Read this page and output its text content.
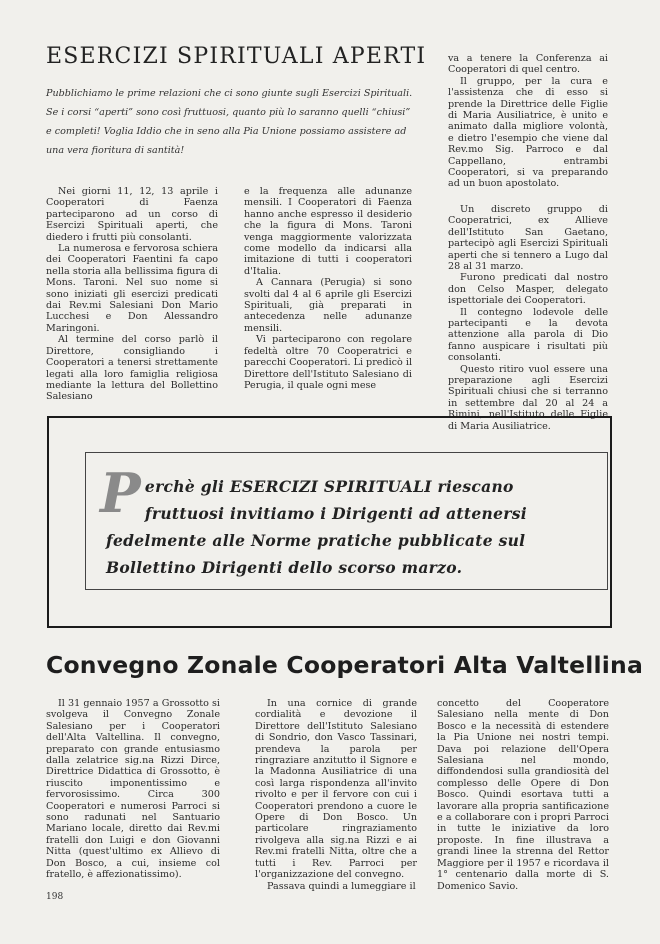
ESERCIZI SPIRITUALI APERTI
Pubblichiamo le prime relazioni che ci sono giunte sugli Esercizi Spirituali. Se i corsi “aperti” sono così fruttuosi, quanto più lo saranno quelli “chiusi” e completi! Voglia Iddio che in seno alla Pia Unione possiamo assistere ad una vera fioritura di santità!

Nei giorni 11, 12, 13 aprile i Cooperatori di Faenza parteciparono ad un corso di Esercizi Spirituali aperti, che diedero i frutti più consolanti.

La numerosa e fervorosa schiera dei Cooperatori Faentini fa capo nella storia alla bellissima figura di Mons. Taroni. Nel suo nome si sono iniziati gli esercizi predicati dai Rev.mi Salesiani Don Mario Lucchesi e Don Alessandro Maringoni.

Al termine del corso parlò il Direttore, consigliando i Cooperatori a tenersi strettamente legati alla loro famiglia religiosa mediante la lettura del Bollettino Salesiano

e la frequenza alle adunanze mensili. I Cooperatori di Faenza hanno anche espresso il desiderio che la figura di Mons. Taroni venga maggiormente valorizzata come modello da indicarsi alla imitazione di tutti i cooperatori d'Italia.

A Cannara (Perugia) si sono svolti dal 4 al 6 aprile gli Esercizi Spirituali, già preparati in antecedenza nelle adunanze mensili.

Vi parteciparono con regolare fedeltà oltre 70 Cooperatrici e parecchi Cooperatori. Li predicò il Direttore dell'Istituto Salesiano di Perugia, il quale ogni mese

va a tenere la Conferenza ai Cooperatori di quel centro.

Il gruppo, per la cura e l'assistenza che di esso si prende la Direttrice delle Figlie di Maria Ausiliatrice, è unito e animato dalla migliore volontà, e dietro l'esempio che viene dal Rev.mo Sig. Parroco e dal Cappellano, entrambi Cooperatori, si va preparando ad un buon apostolato.

Un discreto gruppo di Cooperatrici, ex Allieve dell'Istituto San Gaetano, partecipò agli Esercizi Spirituali aperti che si tennero a Lugo dal 28 al 31 marzo.

Furono predicati dal nostro don Celso Masper, delegato ispettoriale dei Cooperatori.

Il contegno lodevole delle partecipanti e la devota attenzione alla parola di Dio fanno auspicare i risultati più consolanti.

Questo ritiro vuol essere una preparazione agli Esercizi Spirituali chiusi che si terranno in settembre dal 20 al 24 a Rimini, nell'Istituto delle Figlie di Maria Ausiliatrice.

P erchè gli ESERCIZI SPIRITUALI riescano fruttuosi invitiamo i Dirigenti ad attenersi fedelmente alle Norme pratiche pubblicate sul Bollettino Dirigenti dello scorso marzo.
Convegno Zonale Cooperatori Alta Valtellina

Il 31 gennaio 1957 a Grossotto si svolgeva il Convegno Zonale Salesiano per i Cooperatori dell'Alta Valtellina. Il convegno, preparato con grande entusiasmo dalla zelatrice sig.na Rizzi Dirce, Direttrice Didattica di Grossotto, è riuscito imponentissimo e fervorosissimo. Circa 300 Cooperatori e numerosi Parroci si sono radunati nel Santuario Mariano locale, diretto dai Rev.mi fratelli don Luigi e don Giovanni Nitta (quest'ultimo ex Allievo di Don Bosco, a cui, insieme col fratello, è affezionatissimo).

In una cornice di grande cordialità e devozione il Direttore dell'Istituto Salesiano di Sondrio, don Vasco Tassinari, prendeva la parola per ringraziare anzitutto il Signore e la Madonna Ausiliatrice di una così larga rispondenza all'invito rivolto e per il fervore con cui i Cooperatori prendono a cuore le Opere di Don Bosco. Un particolare ringraziamento rivolgeva alla sig.na Rizzi e ai Rev.mi fratelli Nitta, oltre che a tutti i Rev. Parroci per l'organizzazione del convegno.

Passava quindi a lumeggiare il

concetto del Cooperatore Salesiano nella mente di Don Bosco e la necessità di estendere la Pia Unione nei nostri tempi. Dava poi relazione dell'Opera Salesiana nel mondo, diffondendosi sulla grandiosità del complesso delle Opere di Don Bosco. Quindi esortava tutti a lavorare alla propria santificazione e a collaborare con i propri Parroci in tutte le iniziative da loro proposte. In fine illustrava a grandi linee la strenna del Rettor Maggiore per il 1957 e ricordava il 1° centenario dalla morte di S. Domenico Savio.

198
